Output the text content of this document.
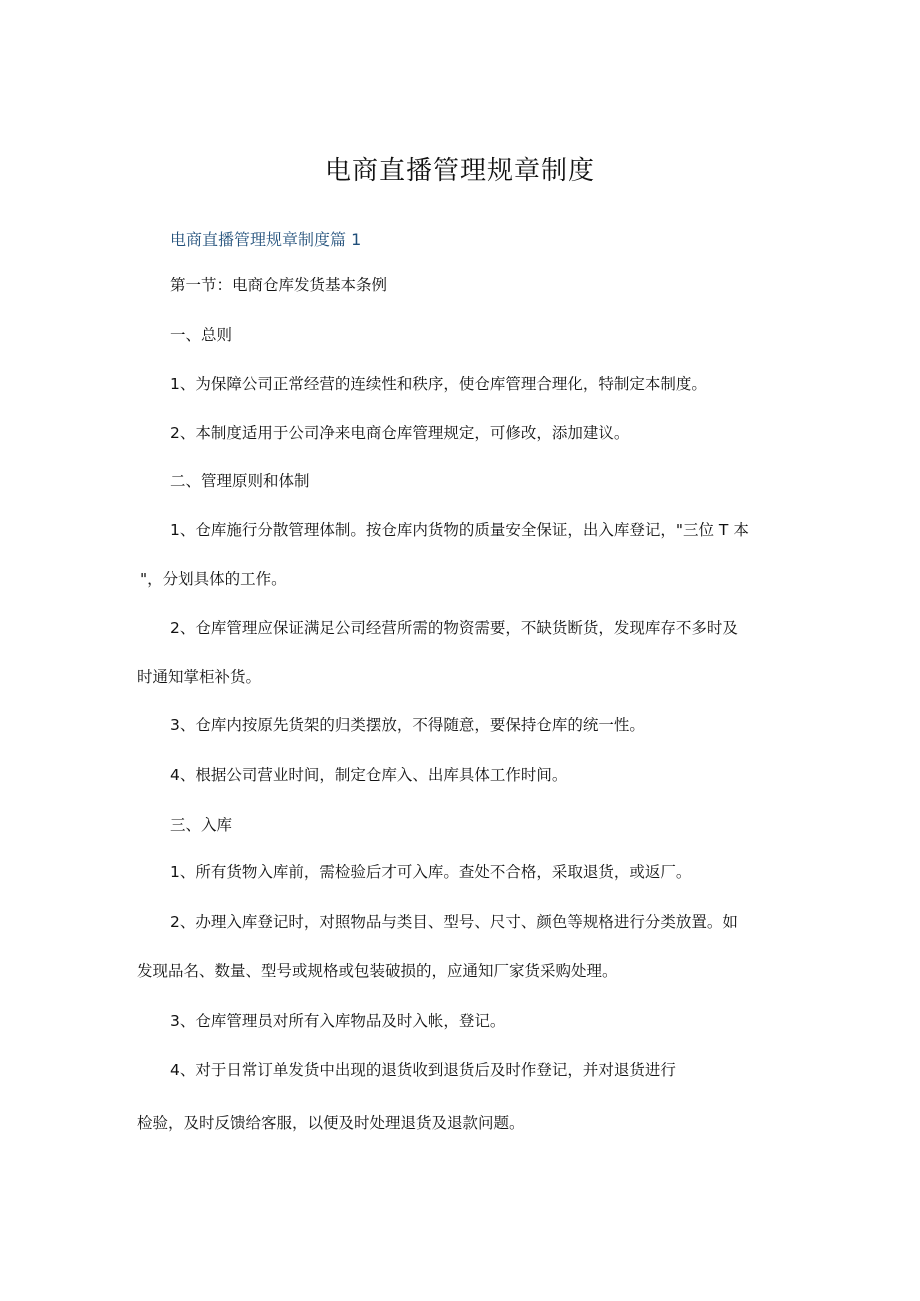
电商直播管理规章制度
电商直播管理规章制度篇 1
第一节：电商仓库发货基本条例
一、总则
1、为保障公司正常经营的连续性和秩序，使仓库管理合理化，特制定本制度。
2、本制度适用于公司净来电商仓库管理规定，可修改，添加建议。
二、管理原则和体制
1、仓库施行分散管理体制。按仓库内货物的质量安全保证，出入库登记，"三位 T 本
"，分划具体的工作。
2、仓库管理应保证满足公司经营所需的物资需要，不缺货断货，发现库存不多时及
时通知掌柜补货。
3、仓库内按原先货架的归类摆放，不得随意，要保持仓库的统一性。
4、根据公司营业时间，制定仓库入、出库具体工作时间。
三、入库
1、所有货物入库前，需检验后才可入库。查处不合格，采取退货，或返厂。
2、办理入库登记时，对照物品与类目、型号、尺寸、颜色等规格进行分类放置。如
发现品名、数量、型号或规格或包装破损的，应通知厂家货采购处理。
3、仓库管理员对所有入库物品及时入帐，登记。
4、对于日常订单发货中出现的退货收到退货后及时作登记，并对退货进行
检验，及时反馈给客服，以便及时处理退货及退款问题。
